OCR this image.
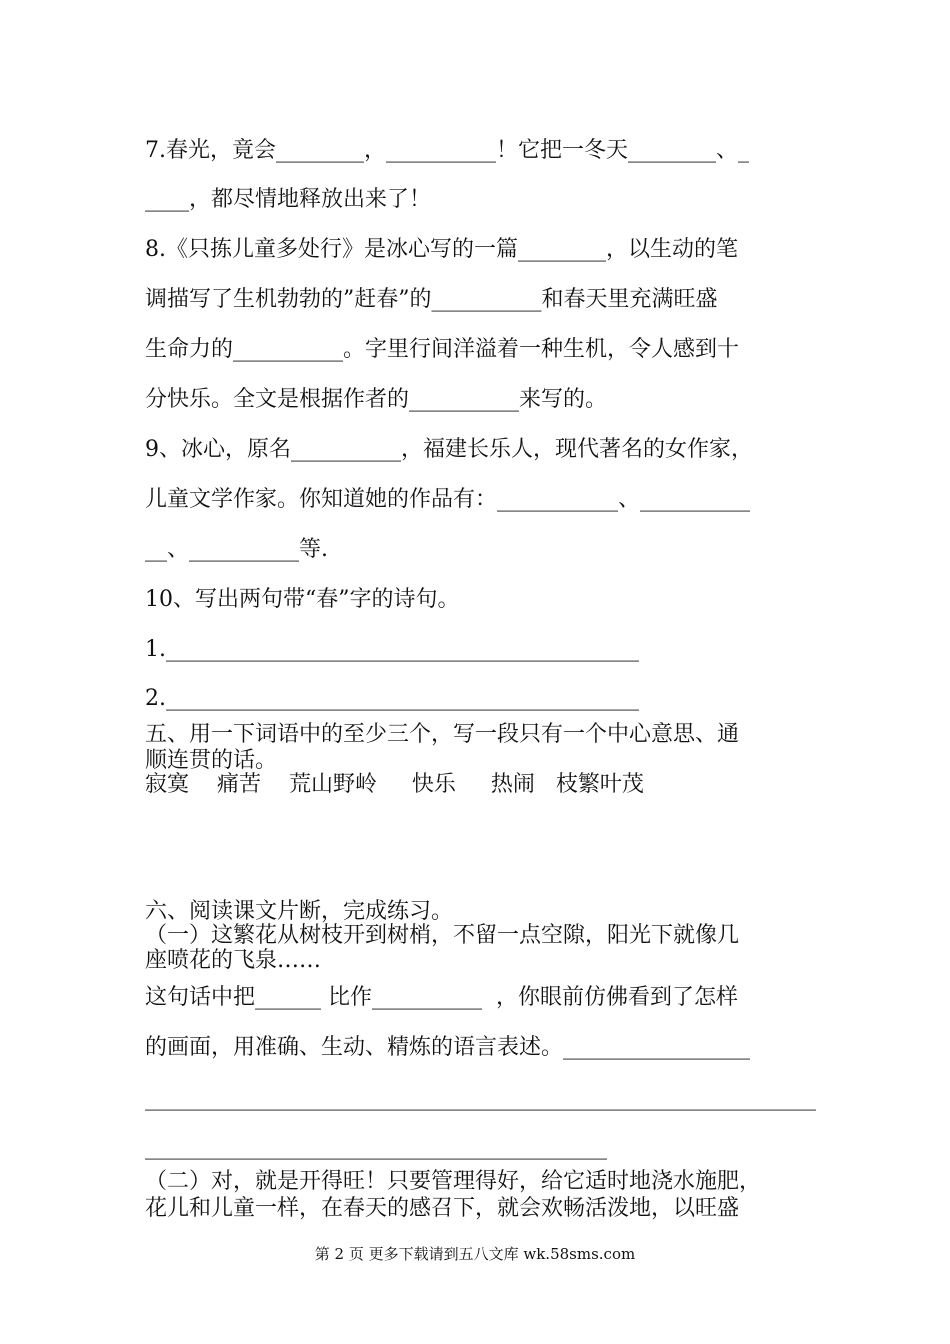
7.春光，竟会________，__________！它把一冬天________、_
____，都尽情地释放出来了！
8.《只拣儿童多处行》是冰心写的一篇________，以生动的笔
调描写了生机勃勃的”赶春”的__________和春天里充满旺盛
生命力的__________。字里行间洋溢着一种生机，令人感到十
分快乐。全文是根据作者的__________来写的。
9、冰心，原名__________，福建长乐人，现代著名的女作家，
儿童文学作家。你知道她的作品有：___________、__________
__、__________等.
10、写出两句带“春”字的诗句。
1.___________________________________________
2.___________________________________________
五、用一下词语中的至少三个，写一段只有一个中心意思、通
顺连贯的话。
寂寞    痛苦    荒山野岭     快乐     热闹   枝繁叶茂
六、阅读课文片断，完成练习。
（一）这繁花从树枝开到树梢，不留一点空隙，阳光下就像几
座喷花的飞泉……
这句话中把______ 比作__________  ，你眼前仿佛看到了怎样
的画面，用准确、生动、精炼的语言表述。_________________
_____________________________________________________________
__________________________________________
（二）对，就是开得旺！只要管理得好，给它适时地浇水施肥，
花儿和儿童一样，在春天的感召下，就会欢畅活泼地，以旺盛
第 2 页 更多下载请到五八文库 wk.58sms.com
